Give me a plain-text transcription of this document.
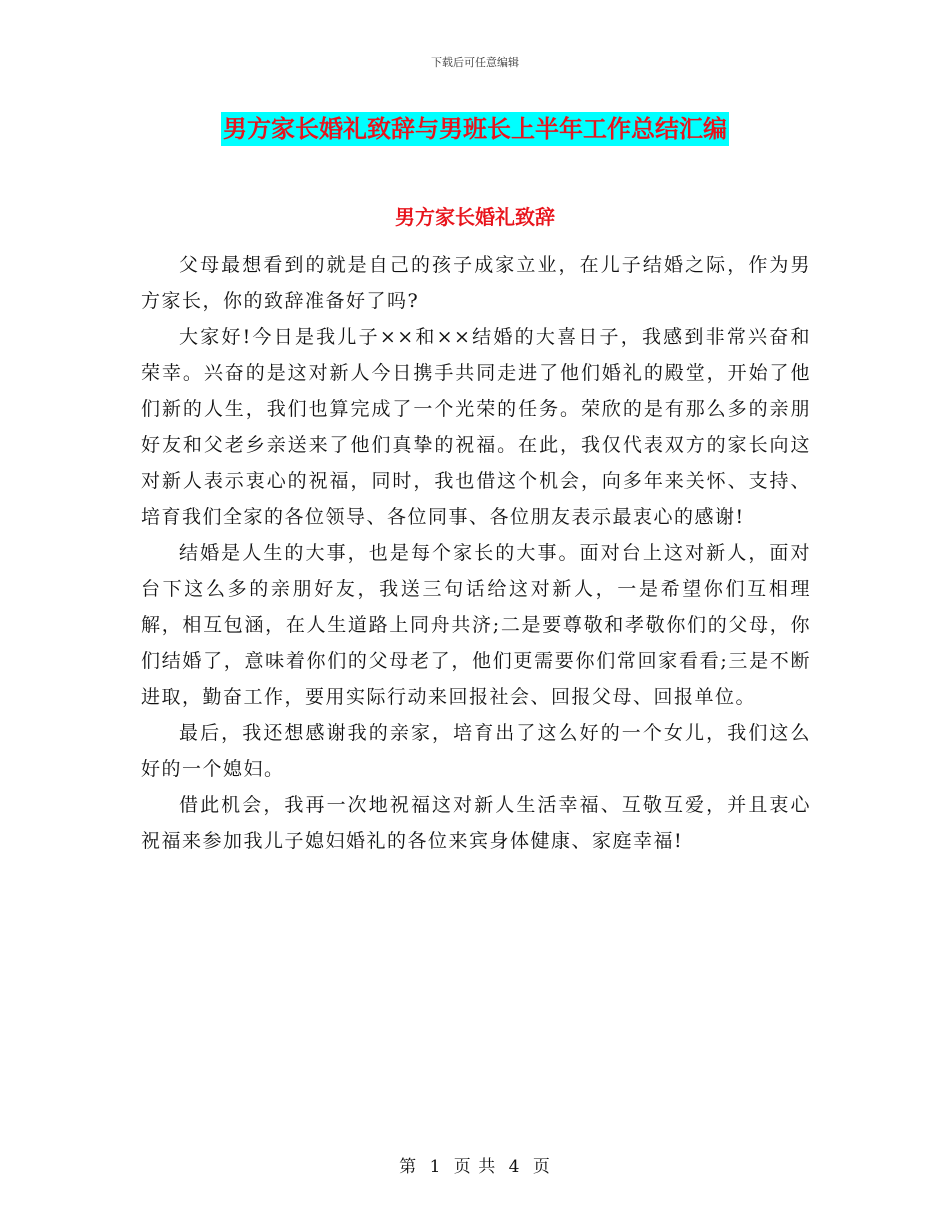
下载后可任意编辑
男方家长婚礼致辞与男班长上半年工作总结汇编
男方家长婚礼致辞

父母最想看到的就是自己的孩子成家立业，在儿子结婚之际，作为男方家长，你的致辞准备好了吗?

大家好!今日是我儿子××和××结婚的大喜日子，我感到非常兴奋和荣幸。兴奋的是这对新人今日携手共同走进了他们婚礼的殿堂，开始了他们新的人生，我们也算完成了一个光荣的任务。荣欣的是有那么多的亲朋好友和父老乡亲送来了他们真挚的祝福。在此，我仅代表双方的家长向这对新人表示衷心的祝福，同时，我也借这个机会，向多年来关怀、支持、培育我们全家的各位领导、各位同事、各位朋友表示最衷心的感谢!

结婚是人生的大事，也是每个家长的大事。面对台上这对新人，面对台下这么多的亲朋好友，我送三句话给这对新人，一是希望你们互相理解，相互包涵，在人生道路上同舟共济;二是要尊敬和孝敬你们的父母，你们结婚了，意味着你们的父母老了，他们更需要你们常回家看看;三是不断进取，勤奋工作，要用实际行动来回报社会、回报父母、回报单位。

最后，我还想感谢我的亲家，培育出了这么好的一个女儿，我们这么好的一个媳妇。

借此机会，我再一次地祝福这对新人生活幸福、互敬互爱，并且衷心祝福来参加我儿子媳妇婚礼的各位来宾身体健康、家庭幸福!

第 1 页 共 4 页
